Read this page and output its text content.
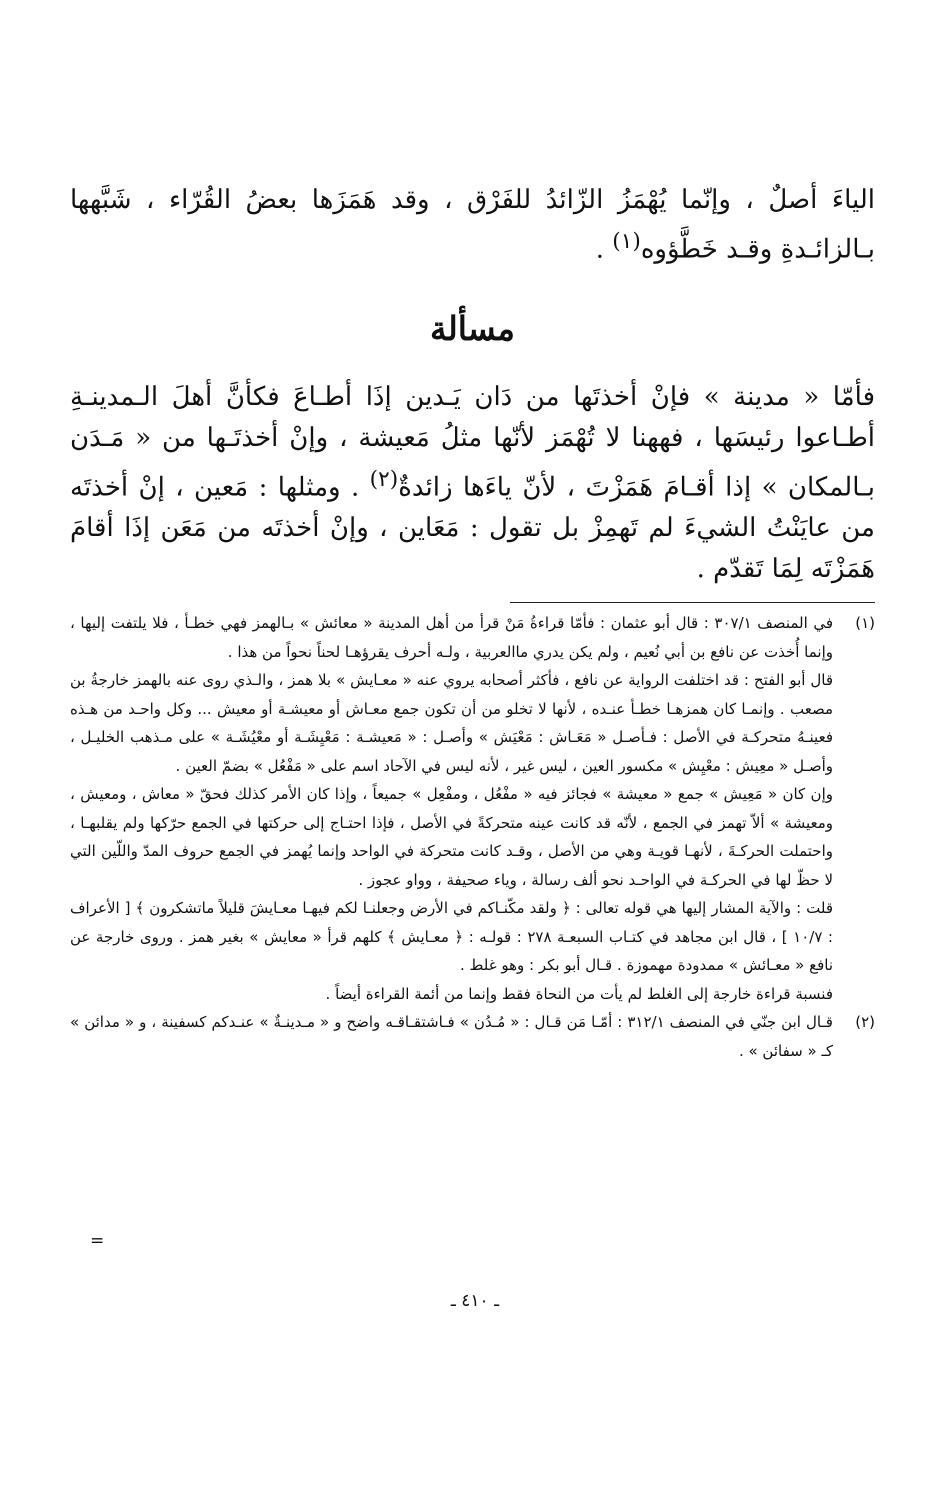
الياءَ أصلٌ ، وإنّما يُهْمَزُ الزّائدُ للفَرْق ، وقد هَمَزَها بعضُ القُرّاء ، شَبَّهها بـالزائـدةِ وقـد خَطَّؤوه$^{(١)}$ .

مسألة

فأمّا « مدينة » فإنْ أخذتَها من دَان يَـدين إذَا أطـاعَ فكأنَّ أهلَ الـمدينـةِ أطـاعوا رئيسَها ، فههنا لا تُهْمَز لأنّها مثلُ مَعيشة ، وإنْ أخذتَـها من « مَـدَن بـالمكان » إذا أقـامَ هَمَزْتَ ، لأنّ ياءَها زائدةٌ$^{(٢)}$ . ومثلها : مَعين ، إنْ أخذتَه من عايَنْتُ الشيءَ لم تَهمِزْ بل تقول : مَعَاين ، وإنْ أخذتَه من مَعَن إذَا أقامَ هَمَزْتَه لِمَا تَقدّم .

(١)

في المنصف ٣٠٧/١ : قال أبو عثمان : فأمّا قراءةُ مَنْ قرأ من أهل المدينة « معائش » بـالهمز فهي خطـأ ، فلا يلتفت إليها ، وإنما أُخذت عن نافع بن أبي نُعيم ، ولم يكن يدري ماالعربية ، ولـه أحرف يقرؤهـا لحناً نحواً من هذا .

قال أبو الفتح : قد اختلفت الرواية عن نافع ، فأكثر أصحابه يروي عنه « معـايش » بلا همز ، والـذي روى عنه بالهمز خارجةُ بن مصعب . وإنمـا كان همزهـا خطـأ عنـده ، لأنها لا تخلو من أن تكون جمع معـاش أو معيشـة أو معيش ... وكل واحـد من هـذه فعينـهُ متحركـة في الأصل : فـأصـل « مَعَـاش : مَعْيَش » وأصـل : « مَعيشـة : مَعْيِشَـة أو معْيُشَـة » على مـذهب الخليـل ، وأصـل « معِيش : معْيِش » مكسور العين ، ليس غير ، لأنه ليس في الآحاد اسم على « مَفْعُل » بضمّ العين .

وإن كان « مَعِيش » جمع « معيشة » فجائز فيه « مفْعُل ، ومفْعِل » جميعاً ، وإذا كان الأمر كذلك فحقّ « معاش ، ومعيش ، ومعيشة » ألاّ تهمز في الجمع ، لأنّه قد كانت عينه متحركةً في الأصل ، فإذا احتـاج إلى حركتها في الجمع حرّكها ولم يقلبهـا ، واحتملت الحركـةَ ، لأنهـا قويـة وهي من الأصل ، وقـد كانت متحركة في الواحد وإنما يُهمز في الجمع حروف المدّ واللّين التي لا حظّ لها في الحركـة في الواحـد نحو ألف رسالة ، وياء صحيفة ، وواو عجوز .

قلت : والآية المشار إليها هي قوله تعالى : ﴿ ولقد مكّنـاكم في الأرض وجعلنـا لكم فيهـا معـايشَ قليلاً ماتشكرون ﴾ [ الأعراف : ١٠/٧ ] ، قال ابن مجاهد في كتـاب السبعـة ٢٧٨ : قولـه : ﴿ معـايش ﴾ كلهم قرأ « معايش » بغير همز . وروى خارجة عن نافع « معـائش » ممدودة مهموزة . قـال أبو بكر : وهو غلط .

فنسبة قراءة خارجة إلى الغلط لم يأت من النحاة فقط وإنما من أئمة القراءة أيضاً .

(٢)

قـال ابن جنّي في المنصف ٣١٢/١ : أمّـا مَن قـال : « مُـدُن » فـاشتقـاقـه واضح و « مـدينـةٌ » عنـدكم كسفينة ، و « مدائن » كـ « سفائن » .

=
ـ ٤١٠ ـ
